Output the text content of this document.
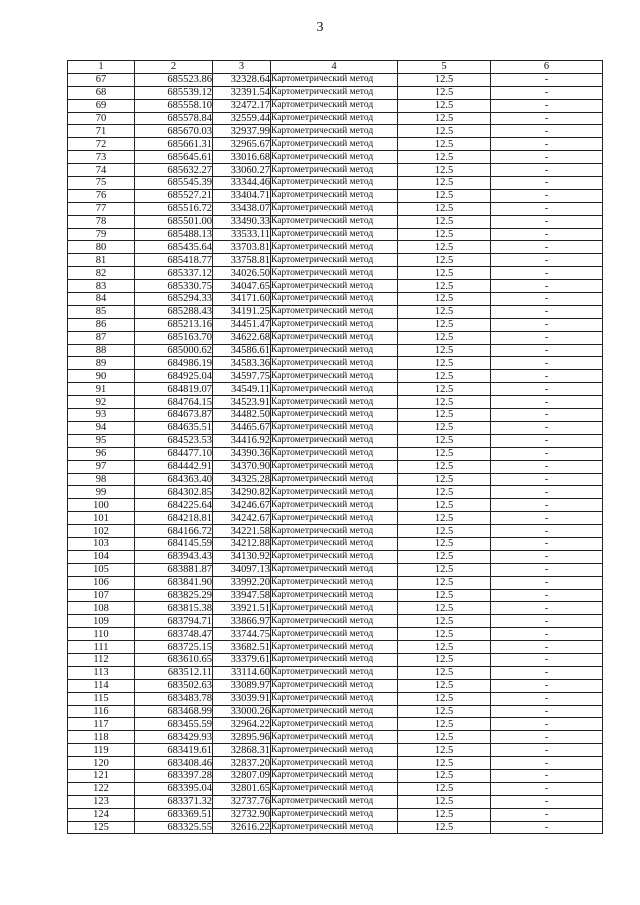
3
1	2	3	4	5	6
67	685523.86	32328.64	Картометрический метод	12.5	-
68	685539.12	32391.54	Картометрический метод	12.5	-
69	685558.10	32472.17	Картометрический метод	12.5	-
70	685578.84	32559.44	Картометрический метод	12.5	-
71	685670.03	32937.99	Картометрический метод	12.5	-
72	685661.31	32965.67	Картометрический метод	12.5	-
73	685645.61	33016.68	Картометрический метод	12.5	-
74	685632.27	33060.27	Картометрический метод	12.5	-
75	685545.39	33344.46	Картометрический метод	12.5	-
76	685527.21	33404.71	Картометрический метод	12.5	-
77	685516.72	33438.07	Картометрический метод	12.5	-
78	685501.00	33490.33	Картометрический метод	12.5	-
79	685488.13	33533.11	Картометрический метод	12.5	-
80	685435.64	33703.81	Картометрический метод	12.5	-
81	685418.77	33758.81	Картометрический метод	12.5	-
82	685337.12	34026.50	Картометрический метод	12.5	-
83	685330.75	34047.65	Картометрический метод	12.5	-
84	685294.33	34171.60	Картометрический метод	12.5	-
85	685288.43	34191.25	Картометрический метод	12.5	-
86	685213.16	34451.47	Картометрический метод	12.5	-
87	685163.70	34622.68	Картометрический метод	12.5	-
88	685000.62	34586.61	Картометрический метод	12.5	-
89	684986.19	34583.36	Картометрический метод	12.5	-
90	684925.04	34597.75	Картометрический метод	12.5	-
91	684819.07	34549.11	Картометрический метод	12.5	-
92	684764.15	34523.91	Картометрический метод	12.5	-
93	684673.87	34482.50	Картометрический метод	12.5	-
94	684635.51	34465.67	Картометрический метод	12.5	-
95	684523.53	34416.92	Картометрический метод	12.5	-
96	684477.10	34390.36	Картометрический метод	12.5	-
97	684442.91	34370.90	Картометрический метод	12.5	-
98	684363.40	34325.28	Картометрический метод	12.5	-
99	684302.85	34290.82	Картометрический метод	12.5	-
100	684225.64	34246.67	Картометрический метод	12.5	-
101	684218.81	34242.67	Картометрический метод	12.5	-
102	684166.72	34221.58	Картометрический метод	12.5	-
103	684145.59	34212.88	Картометрический метод	12.5	-
104	683943.43	34130.92	Картометрический метод	12.5	-
105	683881.87	34097.13	Картометрический метод	12.5	-
106	683841.90	33992.20	Картометрический метод	12.5	-
107	683825.29	33947.58	Картометрический метод	12.5	-
108	683815.38	33921.51	Картометрический метод	12.5	-
109	683794.71	33866.97	Картометрический метод	12.5	-
110	683748.47	33744.75	Картометрический метод	12.5	-
111	683725.15	33682.51	Картометрический метод	12.5	-
112	683610.65	33379.61	Картометрический метод	12.5	-
113	683512.11	33114.60	Картометрический метод	12.5	-
114	683502.63	33089.97	Картометрический метод	12.5	-
115	683483.78	33039.91	Картометрический метод	12.5	-
116	683468.99	33000.26	Картометрический метод	12.5	-
117	683455.59	32964.22	Картометрический метод	12.5	-
118	683429.93	32895.96	Картометрический метод	12.5	-
119	683419.61	32868.31	Картометрический метод	12.5	-
120	683408.46	32837.20	Картометрический метод	12.5	-
121	683397.28	32807.09	Картометрический метод	12.5	-
122	683395.04	32801.65	Картометрический метод	12.5	-
123	683371.32	32737.76	Картометрический метод	12.5	-
124	683369.51	32732.90	Картометрический метод	12.5	-
125	683325.55	32616.22	Картометрический метод	12.5	-
